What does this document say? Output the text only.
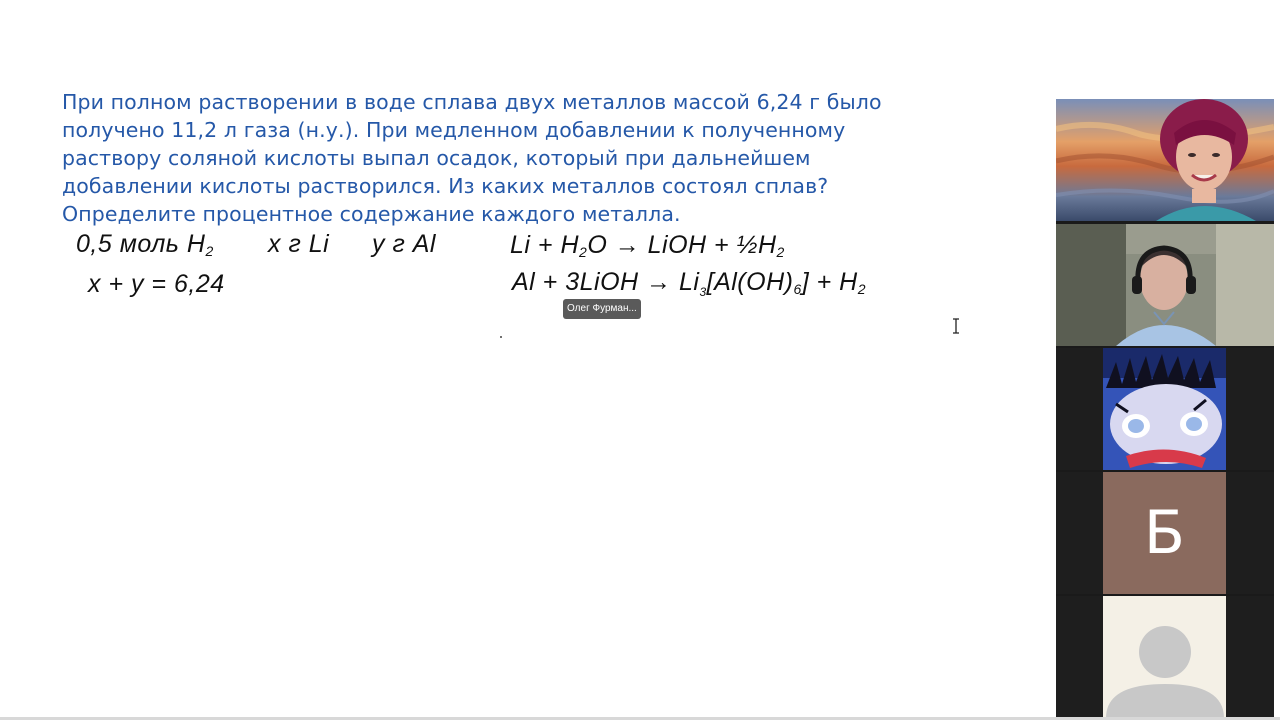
При полном растворении в воде сплава двух металлов массой 6,24 г было
получено 11,2 л газа (н.у.). При медленном добавлении к полученному
раствору соляной кислоты выпал осадок, который при дальнейшем
добавлении кислоты растворился. Из каких металлов состоял сплав?
Определите процентное содержание каждого металла.

0,5 моль $H_2$ x г Li y г Al

x + y = 6,24

$Li + H_2O$ → LiOH + $\frac{1}{2}H_2$

Al + 3LiOH → $Li_3[Al(OH)_6] + H_2$

Олег Фурман...
Б
